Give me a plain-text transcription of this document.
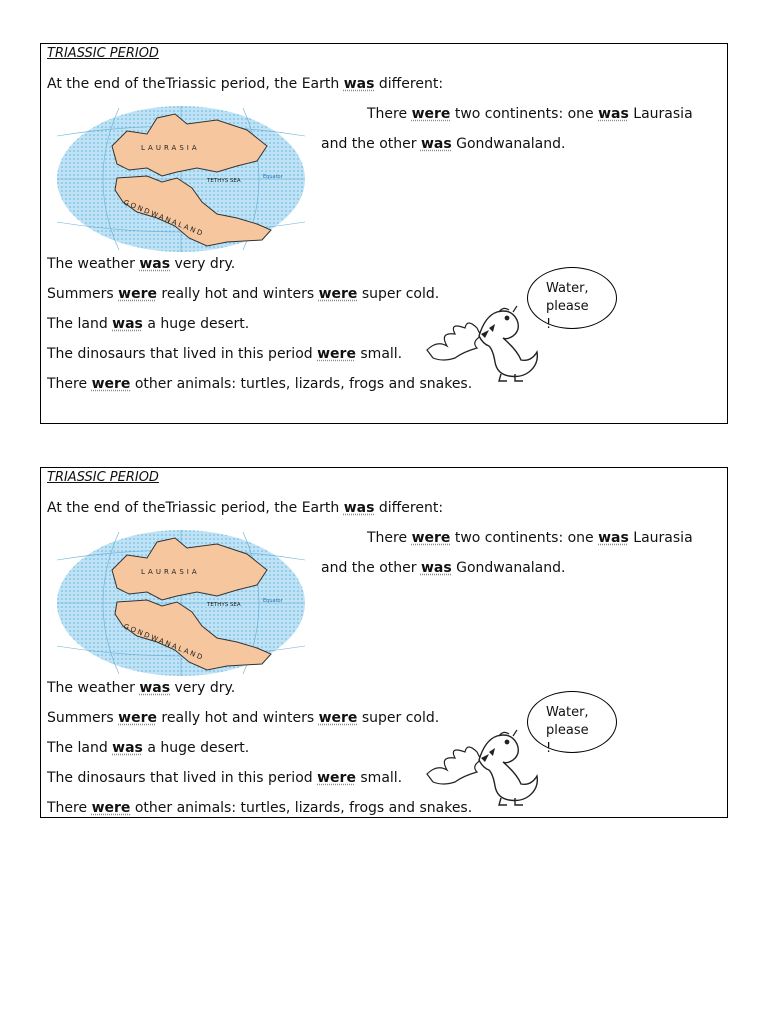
TRIASSIC PERIOD
At the end of theTriassic period, the Earth was different:
There were two continents: one was Laurasia
and the other was Gondwanaland.
LAURASIA
GONDWANALAND
TETHYS SEA
Equator
The weather was very dry.
Summers were really hot and winters were super cold.
The land was a huge desert.
The dinosaurs that lived in this period were small.
There were other animals: turtles, lizards, frogs and snakes.
Water,
please
!
TRIASSIC PERIOD
At the end of theTriassic period, the Earth was different:
There were two continents: one was Laurasia
and the other was Gondwanaland.
LAURASIA
GONDWANALAND
TETHYS SEA
Equator
The weather was very dry.
Summers were really hot and winters were super cold.
The land was a huge desert.
The dinosaurs that lived in this period were small.
There were other animals: turtles, lizards, frogs and snakes.
Water,
please
!
